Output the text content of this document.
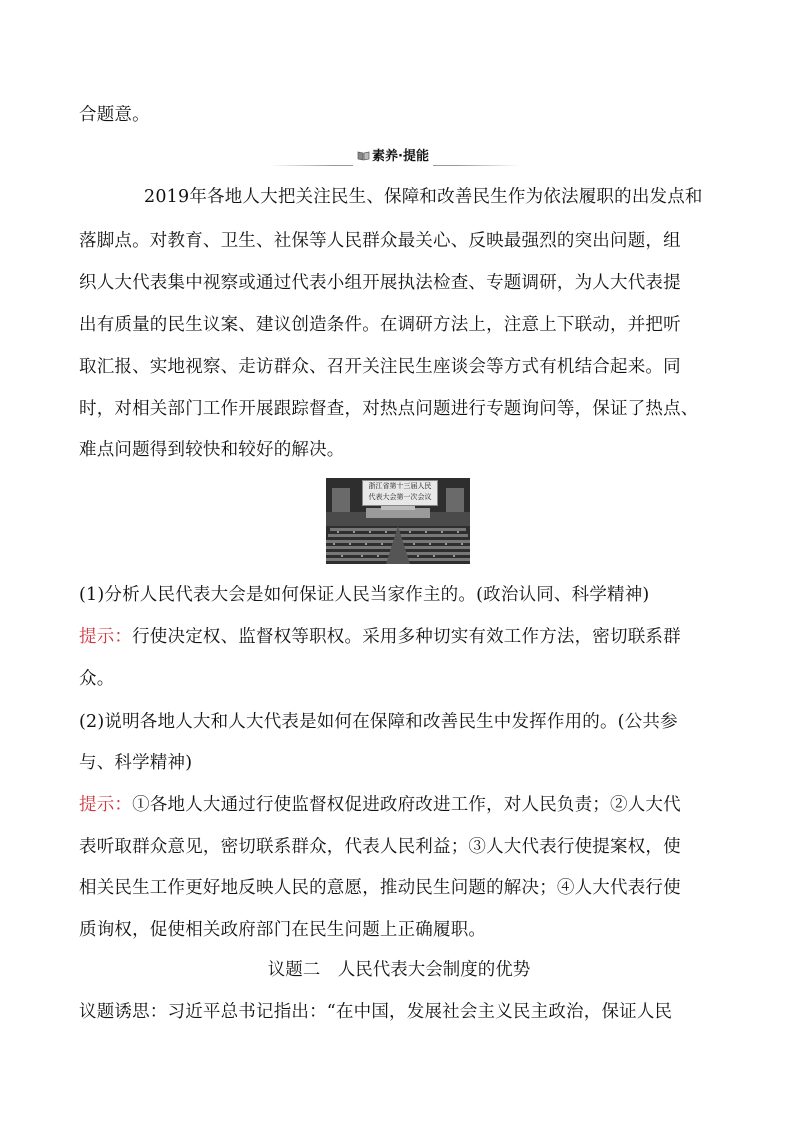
合题意。
素养·提能
2019年各地人大把关注民生、保障和改善民生作为依法履职的出发点和
落脚点。对教育、卫生、社保等人民群众最关心、反映最强烈的突出问题，组
织人大代表集中视察或通过代表小组开展执法检查、专题调研，为人大代表提
出有质量的民生议案、建议创造条件。在调研方法上，注意上下联动，并把听
取汇报、实地视察、走访群众、召开关注民生座谈会等方式有机结合起来。同
时，对相关部门工作开展跟踪督查，对热点问题进行专题询问等，保证了热点、
难点问题得到较快和较好的解决。
浙江省第十三届人民
代表大会第一次会议
(1)分析人民代表大会是如何保证人民当家作主的。(政治认同、科学精神)
提示：行使决定权、监督权等职权。采用多种切实有效工作方法，密切联系群
众。
(2)说明各地人大和人大代表是如何在保障和改善民生中发挥作用的。(公共参
与、科学精神)
提示：①各地人大通过行使监督权促进政府改进工作，对人民负责；②人大代
表听取群众意见，密切联系群众，代表人民利益；③人大代表行使提案权，使
相关民生工作更好地反映人民的意愿，推动民生问题的解决；④人大代表行使
质询权，促使相关政府部门在民生问题上正确履职。
议题二　人民代表大会制度的优势
议题诱思：习近平总书记指出：“在中国，发展社会主义民主政治，保证人民
